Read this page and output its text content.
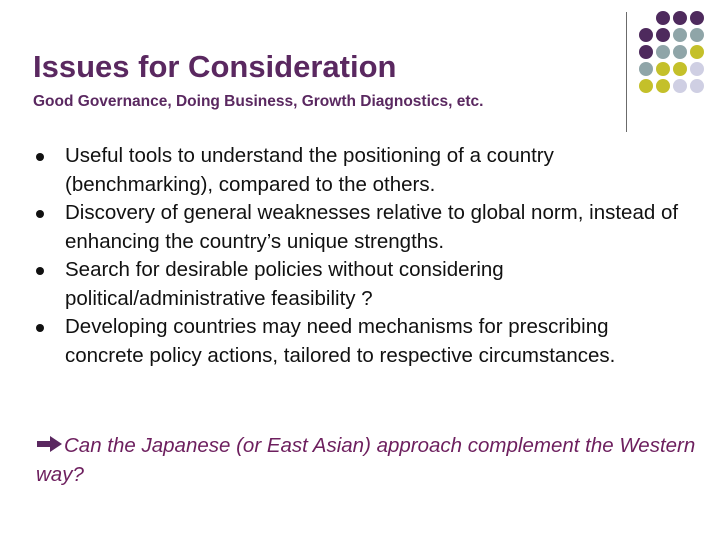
Issues for Consideration
Good Governance, Doing Business, Growth Diagnostics, etc.
Useful tools to understand the positioning of a country (benchmarking), compared to the others.
Discovery of general weaknesses relative to global norm, instead of enhancing the country’s unique strengths.
Search for desirable policies without considering political/administrative feasibility ?
Developing countries may need mechanisms for prescribing concrete policy actions, tailored to respective circumstances.

Can the Japanese (or East Asian) approach complement the Western way?
